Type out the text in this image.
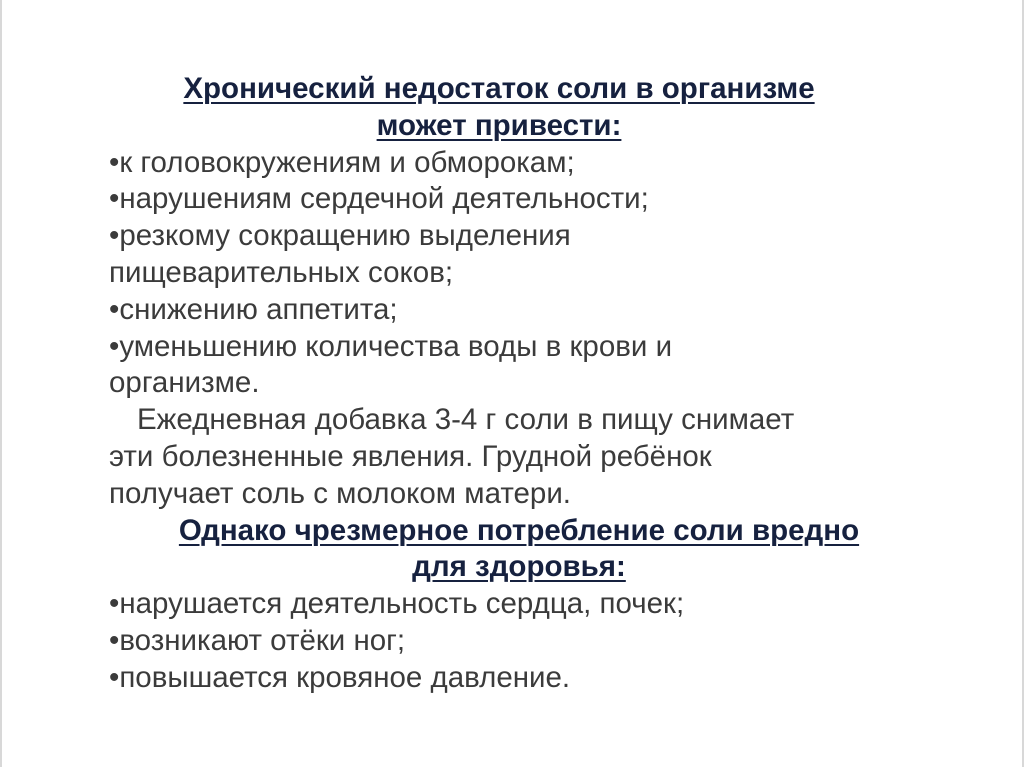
Хронический недостаток соли в организме
может привести:
•к головокружениям и обморокам;
•нарушениям сердечной деятельности;
•резкому сокращению выделения
пищеварительных соков;
•снижению аппетита;
•уменьшению количества воды в крови и
организме.
Ежедневная добавка 3-4 г соли в пищу снимает
эти болезненные явления. Грудной ребёнок
получает соль с молоком матери.
Однако чрезмерное потребление соли вредно
для здоровья:
•нарушается деятельность сердца, почек;
•возникают отёки ног;
•повышается кровяное давление.
